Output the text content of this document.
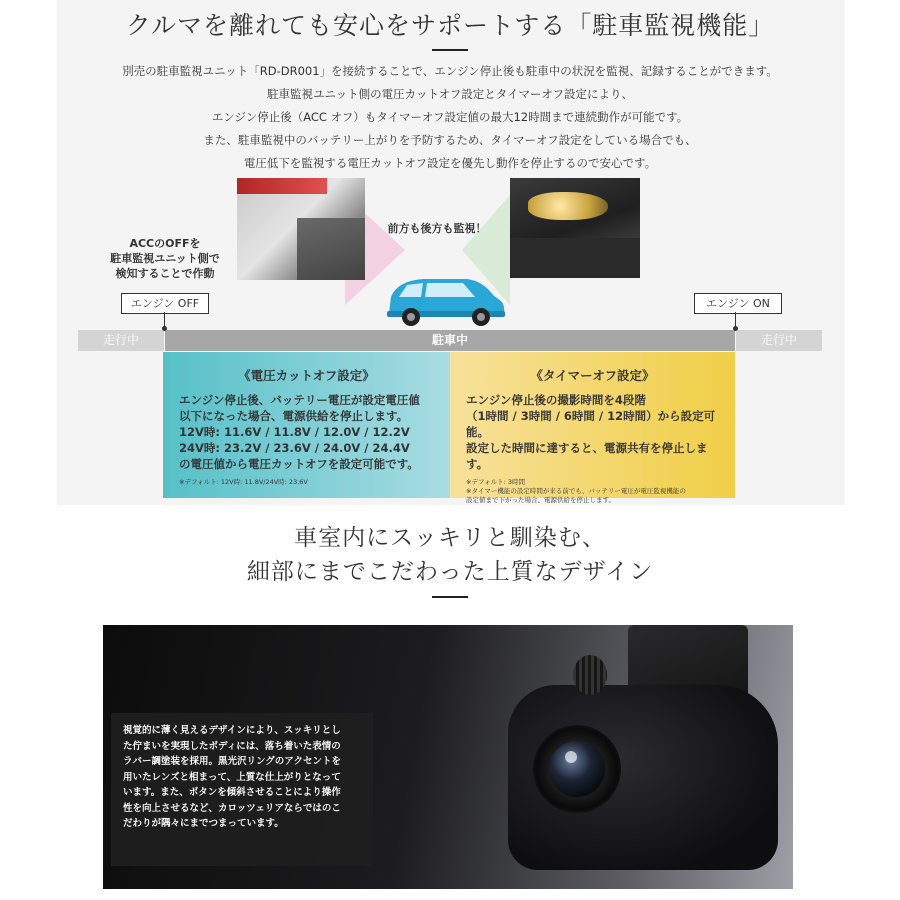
クルマを離れても安心をサポートする「駐車監視機能」
別売の駐車監視ユニット「RD-DR001」を接続することで、エンジン停止後も駐車中の状況を監視、記録することができます。
駐車監視ユニット側の電圧カットオフ設定とタイマーオフ設定により、
エンジン停止後（ACC オフ）もタイマーオフ設定値の最大12時間まで連続動作が可能です。
また、駐車監視中のバッテリー上がりを予防するため、タイマーオフ設定をしている場合でも、
電圧低下を監視する電圧カットオフ設定を優先し動作を停止するので安心です。
前方も後方も監視！
ACCのOFFを
駐車監視ユニット側で
検知することで作動
エンジン OFF	エンジン ON
走行中	駐車中	走行中
《電圧カットオフ設定》
エンジン停止後、バッテリー電圧が設定電圧値
以下になった場合、電源供給を停止します。
12V時: 11.6V / 11.8V / 12.0V / 12.2V
24V時: 23.2V / 23.6V / 24.0V / 24.4V
の電圧値から電圧カットオフを設定可能です。
※デフォルト: 12V時: 11.8V/24V時: 23.6V
《タイマーオフ設定》
エンジン停止後の撮影時間を4段階
（1時間 / 3時間 / 6時間 / 12時間）から設定可能。
設定した時間に達すると、電源共有を停止します。
※デフォルト: 3時間
※タイマー機能の設定時間が来る前でも、バッテリー電圧が電圧監視機能の
設定値まで下がった場合、電源供給を停止します。
車室内にスッキリと馴染む、
細部にまでこだわった上質なデザイン

視覚的に薄く見えるデザインにより、スッキリとし
た佇まいを実現したボディには、落ち着いた表情の
ラバー調塗装を採用。黒光沢リングのアクセントを
用いたレンズと相まって、上質な仕上がりとなって
います。また、ボタンを傾斜させることにより操作
性を向上させるなど、カロッツェリアならではのこ
だわりが隅々にまでつまっています。
